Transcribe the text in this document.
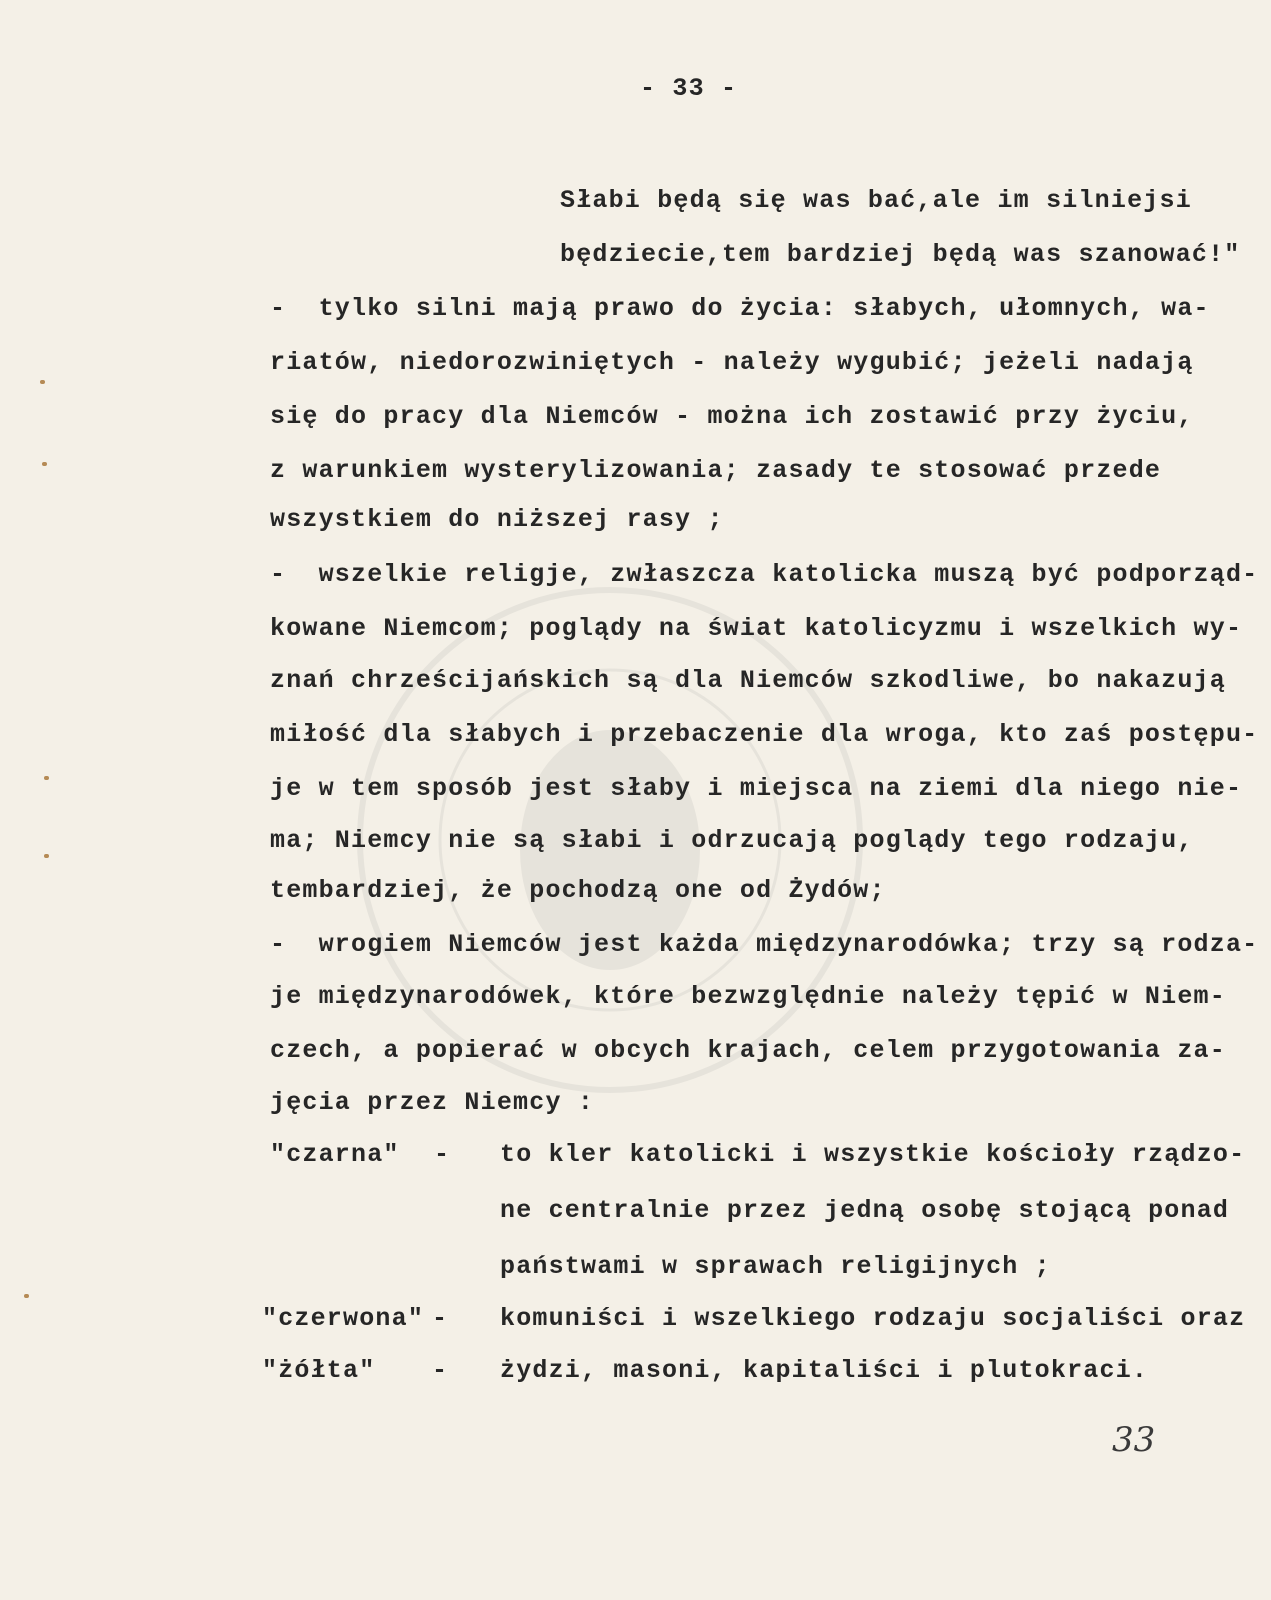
- 33 -
Słabi będą się was bać,ale im silniejsi
będziecie,tem bardziej będą was szanować!"
-  tylko silni mają prawo do życia: słabych, ułomnych, wa-
riatów, niedorozwiniętych - należy wygubić; jeżeli nadają
się do pracy dla Niemców - można ich zostawić przy życiu,
z warunkiem wysterylizowania; zasady te stosować przede
wszystkiem do niższej rasy ;
-  wszelkie religje, zwłaszcza katolicka muszą być podporząd-
kowane Niemcom; poglądy na świat katolicyzmu i wszelkich wy-
znań chrześcijańskich są dla Niemców szkodliwe, bo nakazują
miłość dla słabych i przebaczenie dla wroga, kto zaś postępu-
je w tem sposób jest słaby i miejsca na ziemi dla niego nie-
ma; Niemcy nie są słabi i odrzucają poglądy tego rodzaju,
tembardziej, że pochodzą one od Żydów;
-  wrogiem Niemców jest każda międzynarodówka; trzy są rodza-
je międzynarodówek, które bezwzględnie należy tępić w Niem-
czech, a popierać w obcych krajach, celem przygotowania za-
jęcia przez Niemcy :
"czarna" - to kler katolicki i wszystkie kościoły rządzo-
ne centralnie przez jedną osobę stojącą ponad
państwami w sprawach religijnych ;
"czerwona" - komuniści i wszelkiego rodzaju socjaliści oraz
"żółta" - żydzi, masoni, kapitaliści i plutokraci.
33
